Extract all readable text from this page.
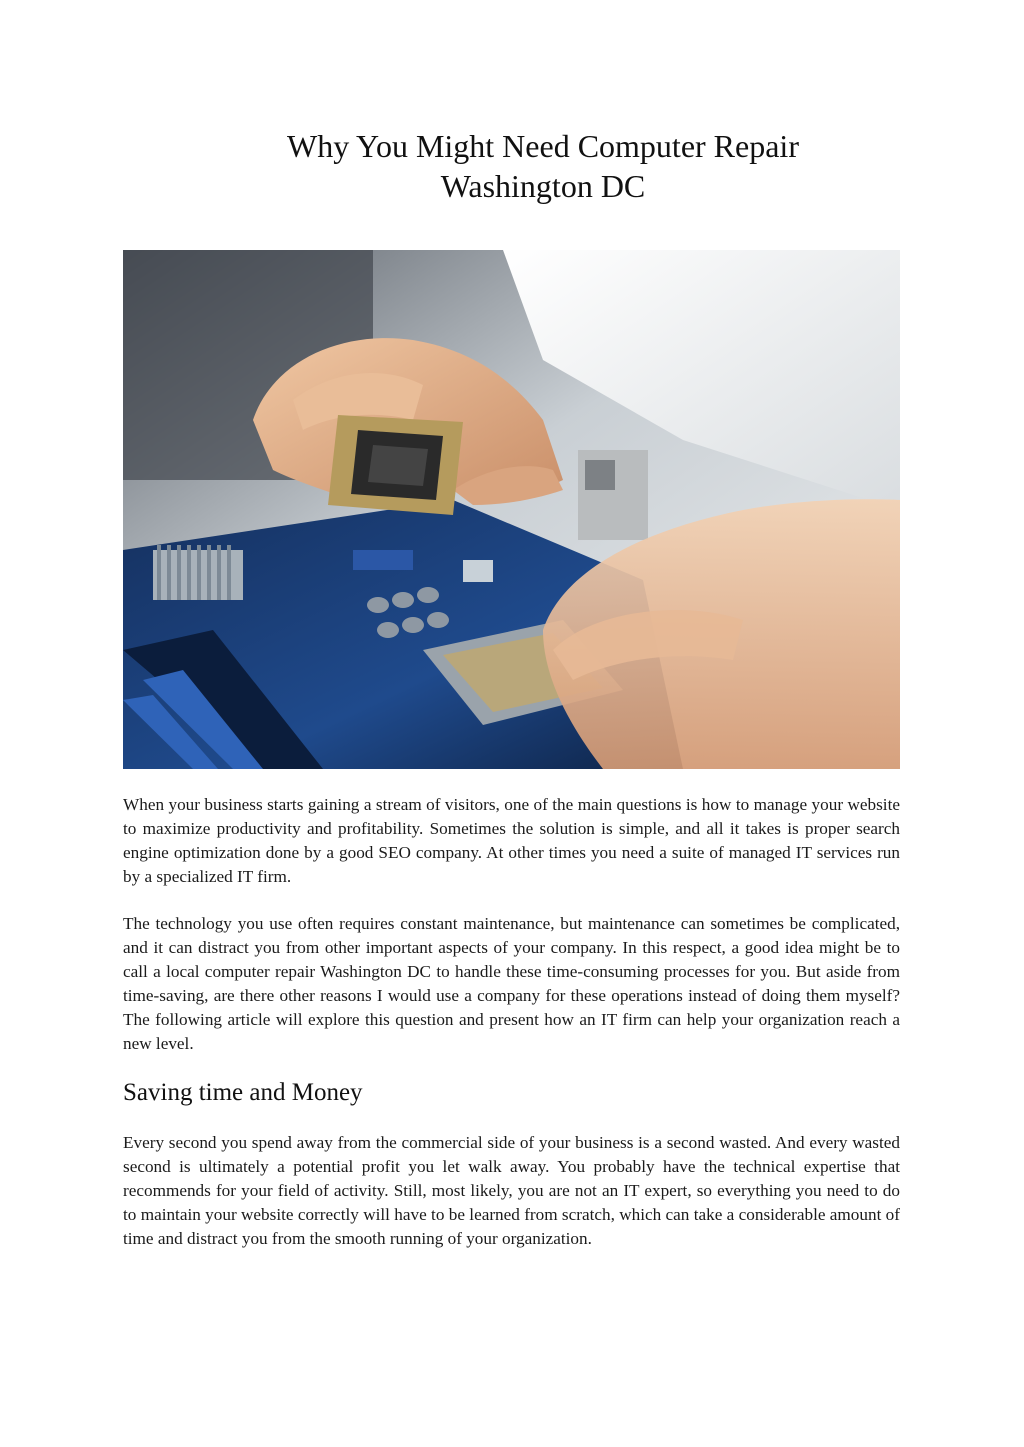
Why You Might Need Computer Repair
Washington DC

When your business starts gaining a stream of visitors, one of the main questions is how to manage your website to maximize productivity and profitability. Sometimes the solution is simple, and all it takes is proper search engine optimization done by a good SEO company. At other times you need a suite of managed IT services run by a specialized IT firm.

The technology you use often requires constant maintenance, but maintenance can sometimes be complicated, and it can distract you from other important aspects of your company. In this respect, a good idea might be to call a local computer repair Washington DC to handle these time-consuming processes for you. But aside from time-saving, are there other reasons I would use a company for these operations instead of doing them myself? The following article will explore this question and present how an IT firm can help your organization reach a new level.

Saving time and Money

Every second you spend away from the commercial side of your business is a second wasted. And every wasted second is ultimately a potential profit you let walk away. You probably have the technical expertise that recommends for your field of activity. Still, most likely, you are not an IT expert, so everything you need to do to maintain your website correctly will have to be learned from scratch, which can take a considerable amount of time and distract you from the smooth running of your organization.
